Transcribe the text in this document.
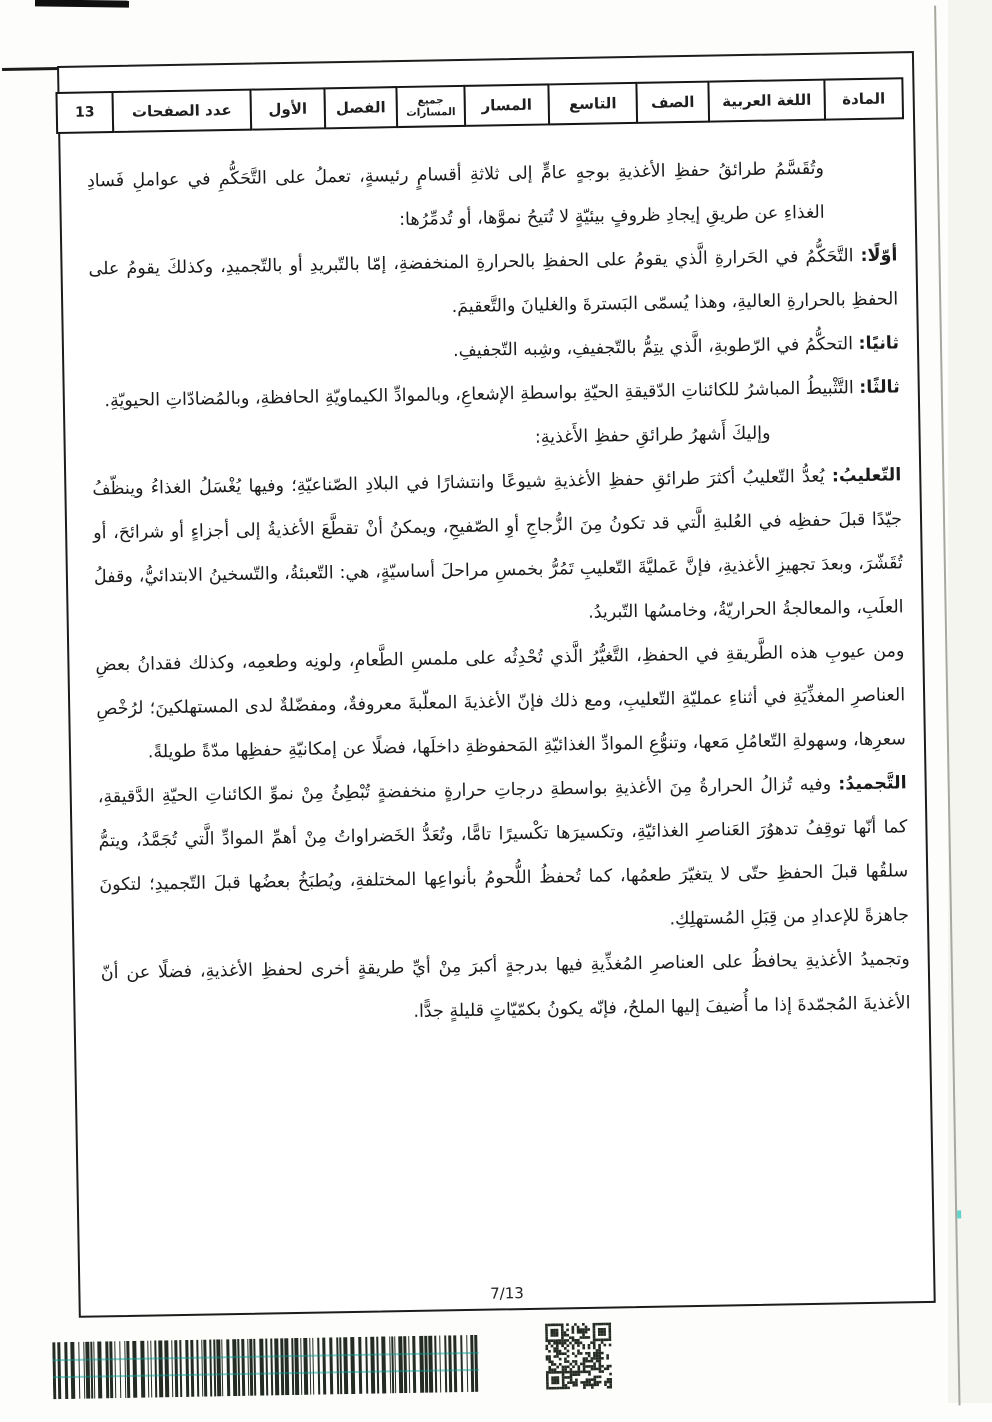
المادة
اللغة العربية
الصف
التاسع
المسار
جميع المسارات
الفصل
الأول
عدد الصفحات
13

وتُقَسَّمُ طرائقُ حفظِ الأغذيةِ بوجهٍ عامٍّ إلى ثلاثةِ أقسامٍ رئيسةٍ، تعملُ على التَّحَكُّمِ في عواملِ فَسادِ الغذاءِ عن طريقِ إيجادِ ظروفٍ بيئيّةٍ لا تُتيحُ نموَّها، أو تُدمِّرُها:

أوّلًا: التَّحَكُّمُ في الحَرارةِ الَّذي يقومُ على الحفظِ بالحرارةِ المنخفضةِ، إمّا بالتّبريدِ أو بالتّجميدِ، وكذلكَ يقومُ على الحفظِ بالحرارةِ العاليةِ، وهذا يُسمّى البَسترةَ والغليانَ والتَّعقيمَ.

ثانيًا: التحكُّمُ في الرّطوبةِ، الَّذي يتِمُّ بالتّجفيفِ، وشِبه التّجفيفِ.

ثالثًا: التَّثْبيطُ المباشرُ للكائناتِ الدّقيقةِ الحيّةِ بواسطةِ الإشعاعِ، وبالموادِّ الكيماويّةِ الحافظةِ، وبالمُضادّاتِ الحيويّةِ.

وإليكَ أَشهرُ طرائقِ حفظِ الأَغذيةِ:

التّعليبُ: يُعدُّ التّعليبُ أكثرَ طرائقِ حفظِ الأغذيةِ شيوعًا وانتشارًا في البلادِ الصّناعيّةِ؛ وفيها يُغْسَلُ الغذاءُ وينظّفُ جيّدًا قبلَ حفظِه في العُلبةِ الَّتي قد تكونُ مِنَ الزُّجاجِ أوِ الصّفيحِ، ويمكنُ أنْ تقطَّعَ الأغذيةُ إلى أجزاءٍ أو شرائحَ، أو تُقَشّرَ، وبعدَ تجهيزِ الأغذيةِ، فإنَّ عَمليَّةَ التّعليبِ تَمُرُّ بخمسِ مراحلَ أساسيّةٍ، هي: التّعبئةُ، والتّسخينُ الابتدائيُّ، وقفلُ العلَبِ، والمعالجةُ الحراريّةُ، وخامسُها التّبريدُ.

ومن عيوبِ هذه الطَّريقةِ في الحفظِ، التَّغيُّرُ الَّذي تُحْدِثُه على ملمسِ الطَّعامِ، ولونِه وطعمِه، وكذلك فقدانُ بعضِ العناصرِ المغذِّيَةِ في أثناءِ عمليّةِ التّعليبِ، ومع ذلك فإنّ الأغذيةَ المعلّبةَ معروفةٌ، ومفضّلةٌ لدى المستهلكينَ؛ لرُخْصِ سعرِها، وسهولةِ التّعامُلِ مَعها، وتنوُّعِ الموادِّ الغذائيّةِ المَحفوظةِ داخلَها، فضلًا عن إمكانيّةِ حفظِها مدّةً طويلةً.

التَّجميدُ: وفيه تُزالُ الحرارةُ مِنَ الأغذيةِ بواسطةِ درجاتِ حرارةٍ منخفضةٍ تُبْطِئُ مِنْ نموِّ الكائناتِ الحيّةِ الدَّقيقةِ، كما أنّها توقِفُ تدهوُرَ العَناصرِ الغذائيّةِ، وتكسيرَها تكْسيرًا تامًّا، وتُعَدُّ الخَضراواتُ مِنْ أهمِّ الموادِّ الَّتي تُجَمَّدُ، ويتمُّ سلقُها قبلَ الحفظِ حتّى لا يتغيّرَ طعمُها، كما تُحفظُ اللُّحومُ بأنواعِها المختلفةِ، ويُطبَخُ بعضُها قبلَ التّجميدِ؛ لتكونَ جاهزةً للإعدادِ من قِبَلِ المُستهلِكِ.

وتجميدُ الأغذيةِ يحافظُ على العناصرِ المُغذِّيةِ فيها بدرجةٍ أكبرَ مِنْ أيِّ طريقةٍ أخرى لحفظِ الأغذيةِ، فضلًا عن أنّ الأغذيةَ المُجمّدةَ إذا ما أُضيفَ إليها الملحُ، فإنّه يكونُ بكمّيّاتٍ قليلةٍ جدًّا.

7/13
